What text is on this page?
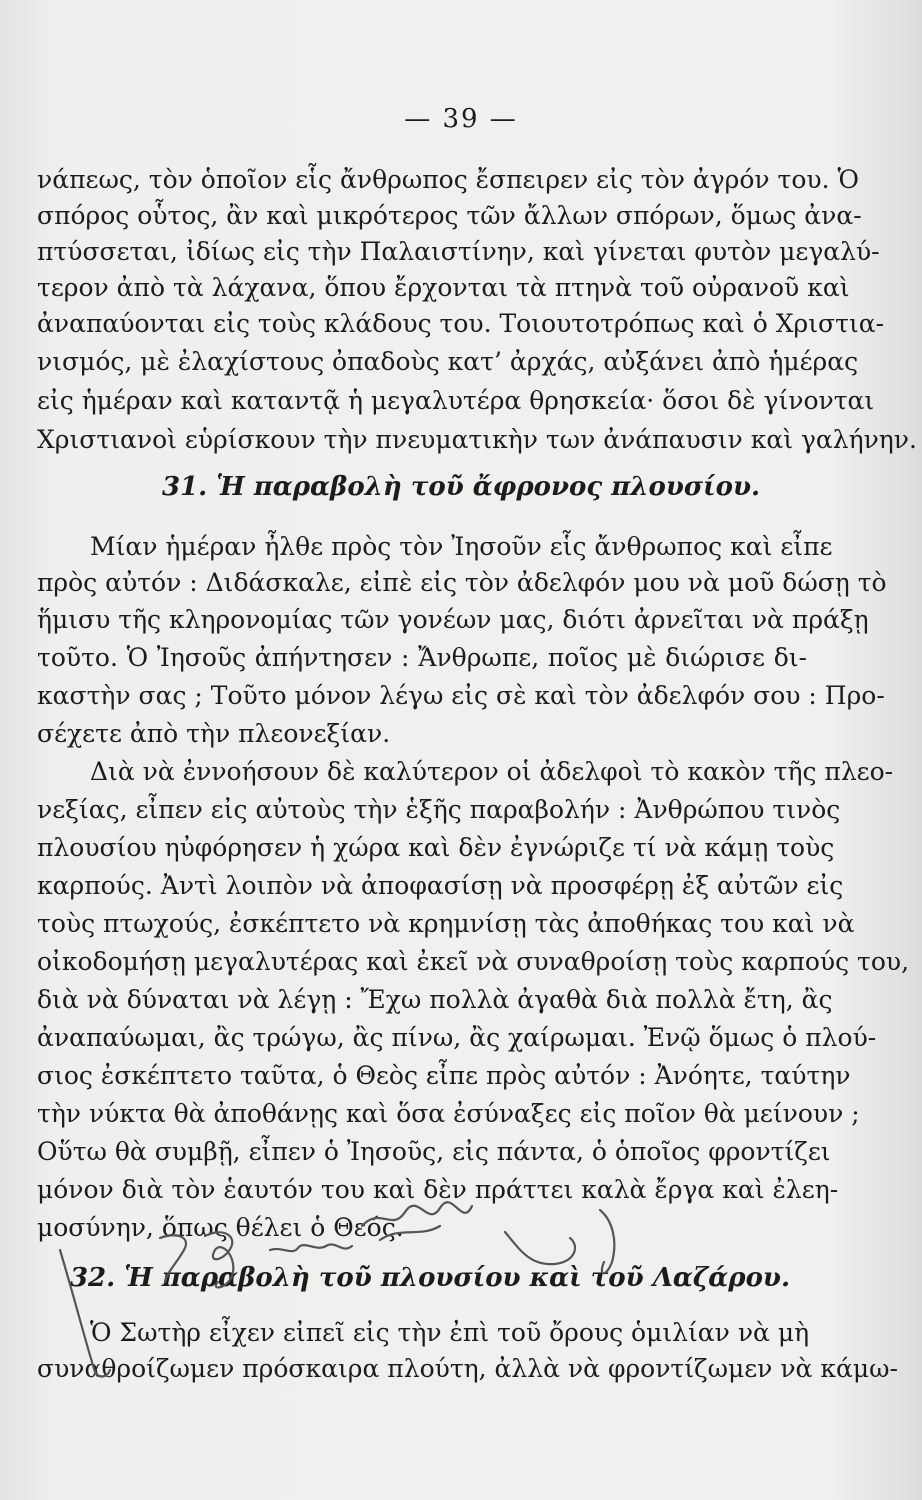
— 39 —
νάπεως, τὸν ὁποῖον εἷς ἄνθρωπος ἔσπειρεν εἰς τὸν ἀγρόν του. Ὁ
σπόρος οὗτος, ἂν καὶ μικρότερος τῶν ἄλλων σπόρων, ὅμως ἀνα-
πτύσσεται, ἰδίως εἰς τὴν Παλαιστίνην, καὶ γίνεται φυτὸν μεγαλύ-
τερον ἀπὸ τὰ λάχανα, ὅπου ἔρχονται τὰ πτηνὰ τοῦ οὐρανοῦ καὶ
ἀναπαύονται εἰς τοὺς κλάδους του. Τοιουτοτρόπως καὶ ὁ Χριστια-
νισμός, μὲ ἐλαχίστους ὀπαδοὺς κατ’ ἀρχάς, αὐξάνει ἀπὸ ἡμέρας
εἰς ἡμέραν καὶ καταντᾷ ἡ μεγαλυτέρα θρησκεία· ὅσοι δὲ γίνονται
Χριστιανοὶ εὑρίσκουν τὴν πνευματικὴν των ἀνάπαυσιν καὶ γαλήνην.
31. Ἡ παραβολὴ τοῦ ἄφρονος πλουσίου.
Μίαν ἡμέραν ἦλθε πρὸς τὸν Ἰησοῦν εἷς ἄνθρωπος καὶ εἶπε
πρὸς αὐτόν : Διδάσκαλε, εἰπὲ εἰς τὸν ἀδελφόν μου νὰ μοῦ δώσῃ τὸ
ἥμισυ τῆς κληρονομίας τῶν γονέων μας, διότι ἀρνεῖται νὰ πράξῃ
τοῦτο. Ὁ Ἰησοῦς ἀπήντησεν : Ἄνθρωπε, ποῖος μὲ διώρισε δι-
καστὴν σας ; Τοῦτο μόνον λέγω εἰς σὲ καὶ τὸν ἀδελφόν σου : Προ-
σέχετε ἀπὸ τὴν πλεονεξίαν.
Διὰ νὰ ἐννοήσουν δὲ καλύτερον οἱ ἀδελφοὶ τὸ κακὸν τῆς πλεο-
νεξίας, εἶπεν εἰς αὐτοὺς τὴν ἑξῆς παραβολήν : Ἀνθρώπου τινὸς
πλουσίου ηὐφόρησεν ἡ χώρα καὶ δὲν ἐγνώριζε τί νὰ κάμῃ τοὺς
καρπούς. Ἀντὶ λοιπὸν νὰ ἀποφασίσῃ νὰ προσφέρῃ ἐξ αὐτῶν εἰς
τοὺς πτωχούς, ἐσκέπτετο νὰ κρημνίσῃ τὰς ἀποθήκας του καὶ νὰ
οἰκοδομήσῃ μεγαλυτέρας καὶ ἐκεῖ νὰ συναθροίσῃ τοὺς καρπούς του,
διὰ νὰ δύναται νὰ λέγῃ : Ἔχω πολλὰ ἀγαθὰ διὰ πολλὰ ἔτη, ἂς
ἀναπαύωμαι, ἂς τρώγω, ἂς πίνω, ἂς χαίρωμαι. Ἐνῷ ὅμως ὁ πλού-
σιος ἐσκέπτετο ταῦτα, ὁ Θεὸς εἶπε πρὸς αὐτόν : Ἀνόητε, ταύτην
τὴν νύκτα θὰ ἀποθάνῃς καὶ ὅσα ἐσύναξες εἰς ποῖον θὰ μείνουν ;
Οὕτω θὰ συμβῇ, εἶπεν ὁ Ἰησοῦς, εἰς πάντα, ὁ ὁποῖος φροντίζει
μόνον διὰ τὸν ἑαυτόν του καὶ δὲν πράττει καλὰ ἔργα καὶ ἐλεη-
μοσύνην, ὅπως θέλει ὁ Θεός.
32. Ἡ παραβολὴ τοῦ πλουσίου καὶ τοῦ Λαζάρου.
Ὁ Σωτὴρ εἶχεν εἰπεῖ εἰς τὴν ἐπὶ τοῦ ὄρους ὁμιλίαν νὰ μὴ
συναθροίζωμεν πρόσκαιρα πλούτη, ἀλλὰ νὰ φροντίζωμεν νὰ κάμω-
